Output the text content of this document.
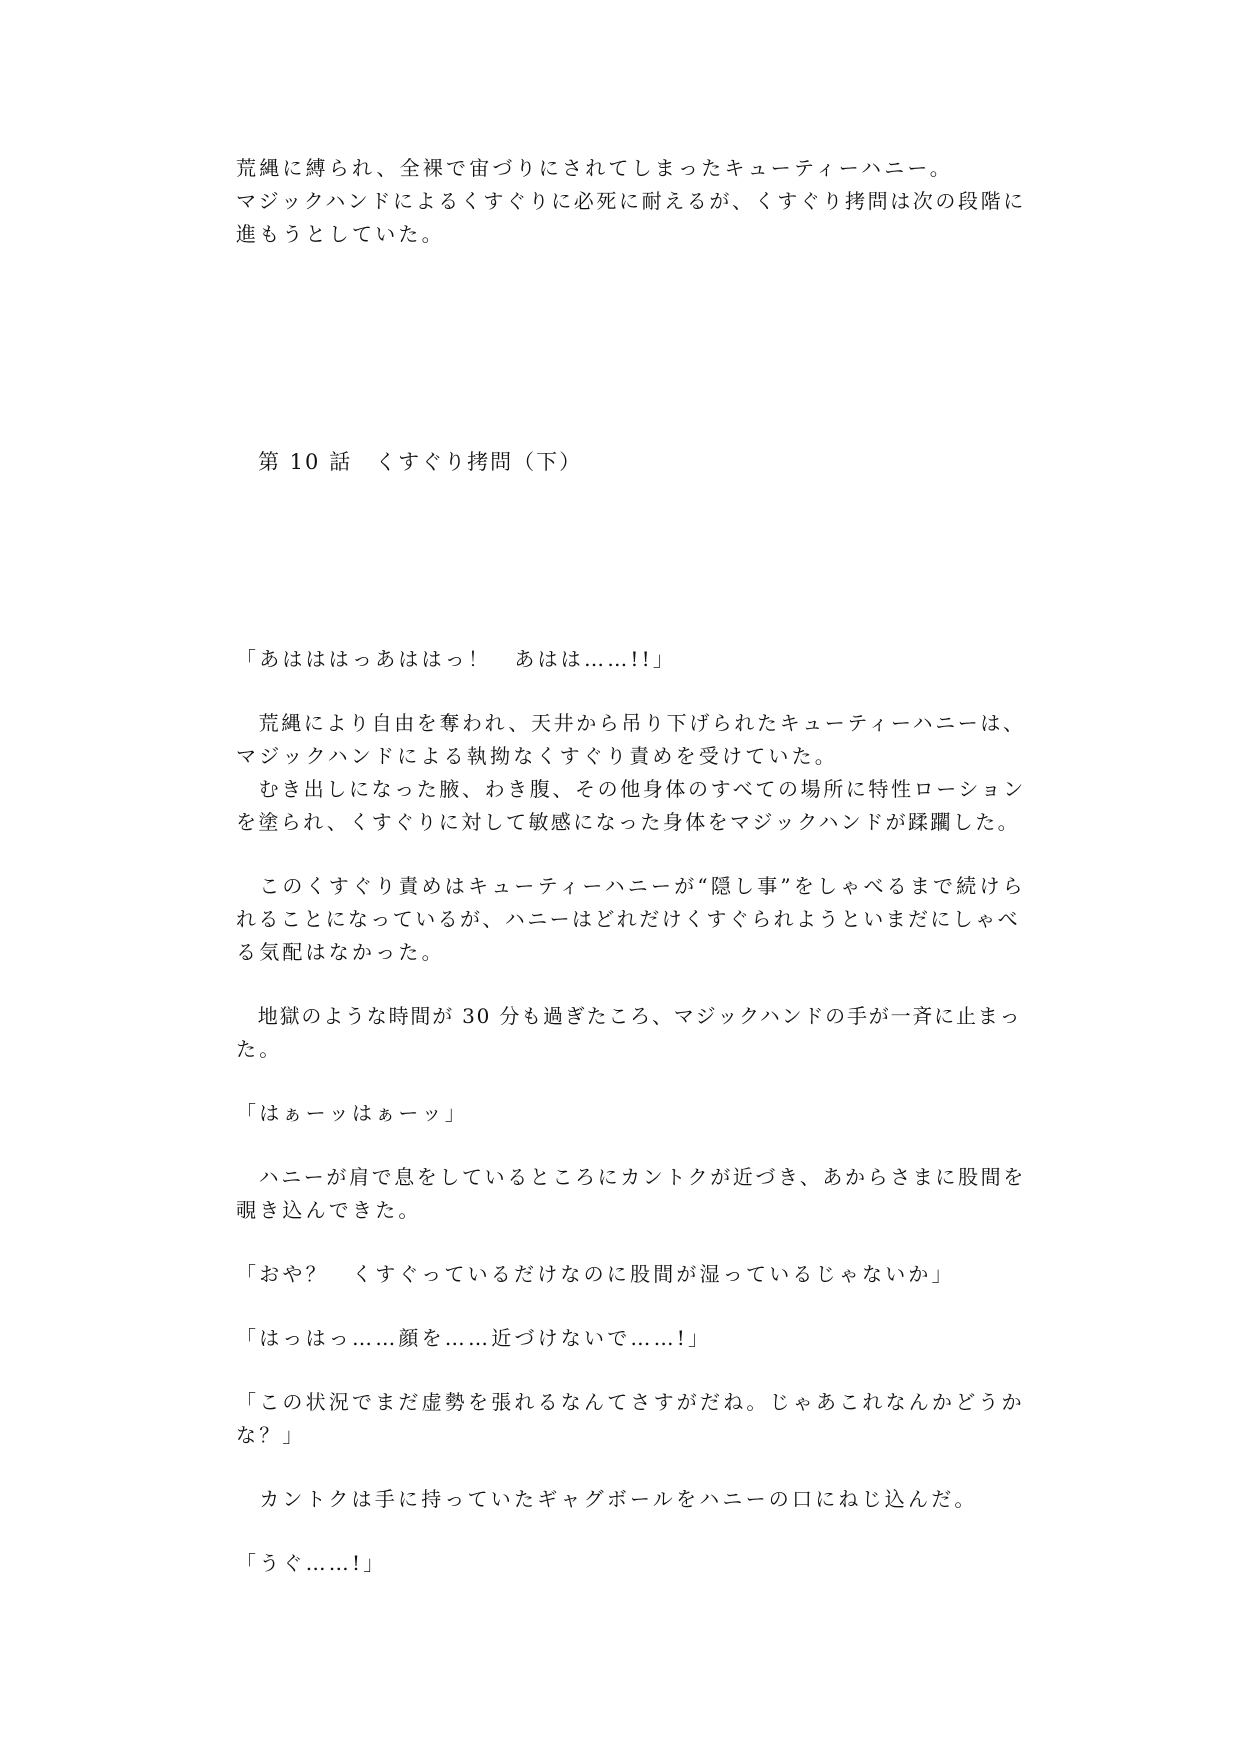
荒縄に縛られ、全裸で宙づりにされてしまったキューティーハニー。
マジックハンドによるくすぐりに必死に耐えるが、くすぐり拷問は次の段階に
進もうとしていた。
第 10 話　くすぐり拷問（下）
「あはははっあははっ！　あはは……!!」
　荒縄により自由を奪われ、天井から吊り下げられたキューティーハニーは、
マジックハンドによる執拗なくすぐり責めを受けていた。
　むき出しになった腋、わき腹、その他身体のすべての場所に特性ローション
を塗られ、くすぐりに対して敏感になった身体をマジックハンドが蹂躙した。
　このくすぐり責めはキューティーハニーが“隠し事”をしゃべるまで続けら
れることになっているが、ハニーはどれだけくすぐられようといまだにしゃべ
る気配はなかった。
　地獄のような時間が 30 分も過ぎたころ、マジックハンドの手が一斉に止まっ
た。
「はぁーッはぁーッ」
　ハニーが肩で息をしているところにカントクが近づき、あからさまに股間を
覗き込んできた。
「おや？　くすぐっているだけなのに股間が湿っているじゃないか」
「はっはっ……顔を……近づけないで……!」
「この状況でまだ虚勢を張れるなんてさすがだね。じゃあこれなんかどうか
な？」
　カントクは手に持っていたギャグボールをハニーの口にねじ込んだ。
「うぐ……!」
